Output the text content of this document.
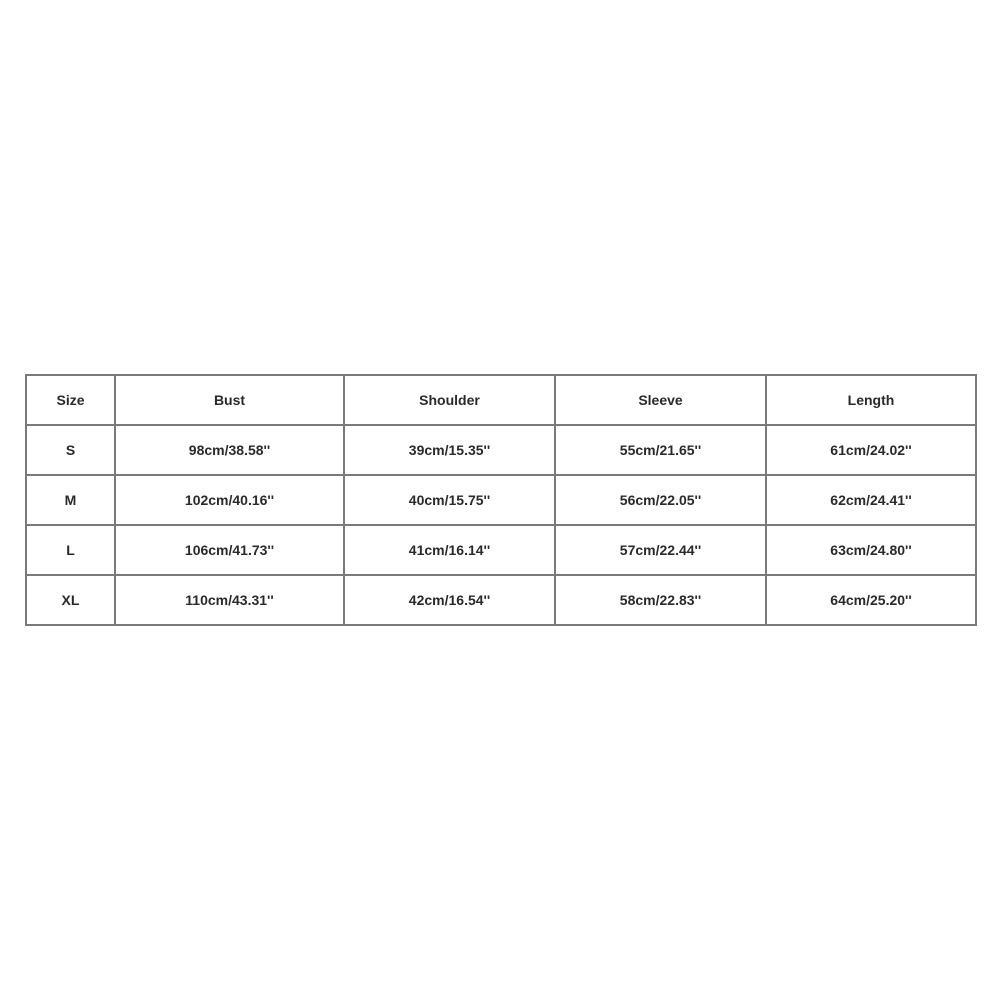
Size	Bust	Shoulder	Sleeve	Length
S	98cm/38.58''	39cm/15.35''	55cm/21.65''	61cm/24.02''
M	102cm/40.16''	40cm/15.75''	56cm/22.05''	62cm/24.41''
L	106cm/41.73''	41cm/16.14''	57cm/22.44''	63cm/24.80''
XL	110cm/43.31''	42cm/16.54''	58cm/22.83''	64cm/25.20''
